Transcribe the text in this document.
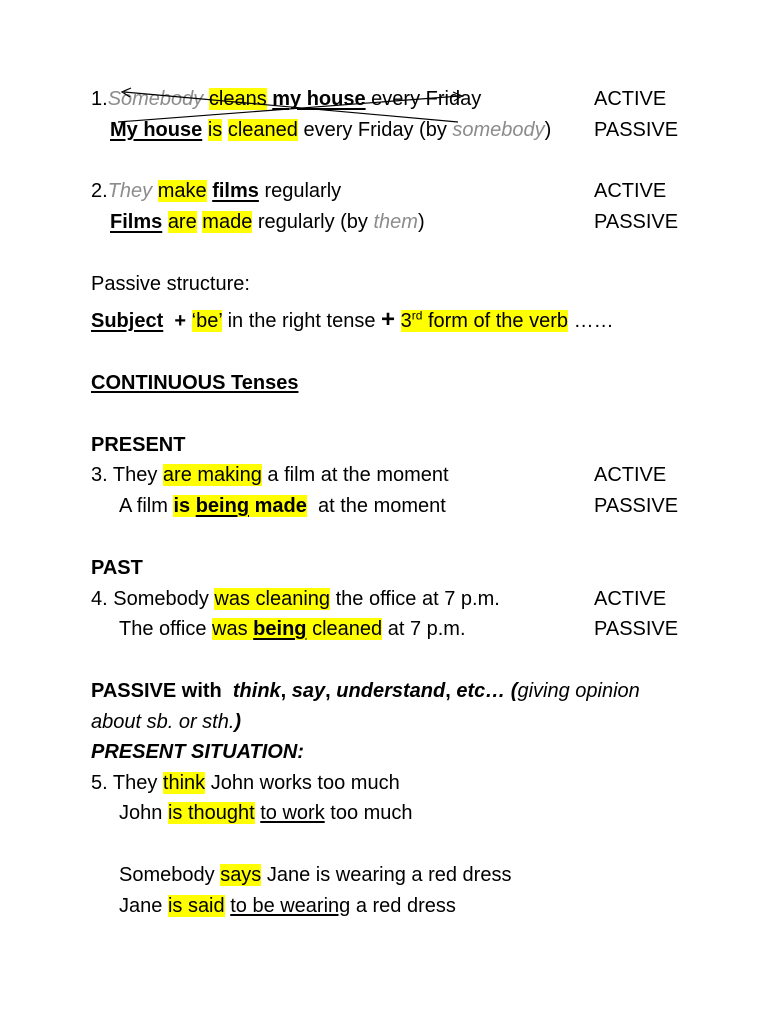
1.Somebody cleans my house every Friday	ACTIVE
My house is cleaned every Friday (by somebody) PASSIVE
2.They make films regularly	ACTIVE
Films are made regularly (by them)	PASSIVE
Passive structure:
Subject + ‘be’ in the right tense + 3rd form of the verb ……
CONTINUOUS Tenses
PRESENT
3. They are making a film at the moment	ACTIVE
A film is being made at the moment	PASSIVE
PAST
4. Somebody was cleaning the office at 7 p.m.	ACTIVE
The office was being cleaned at 7 p.m.	PASSIVE
PASSIVE with think, say, understand, etc… (giving opinion
about sb. or sth.)
PRESENT SITUATION:
5. They think John works too much
John is thought to work too much
Somebody says Jane is wearing a red dress
Jane is said to be wearing a red dress
